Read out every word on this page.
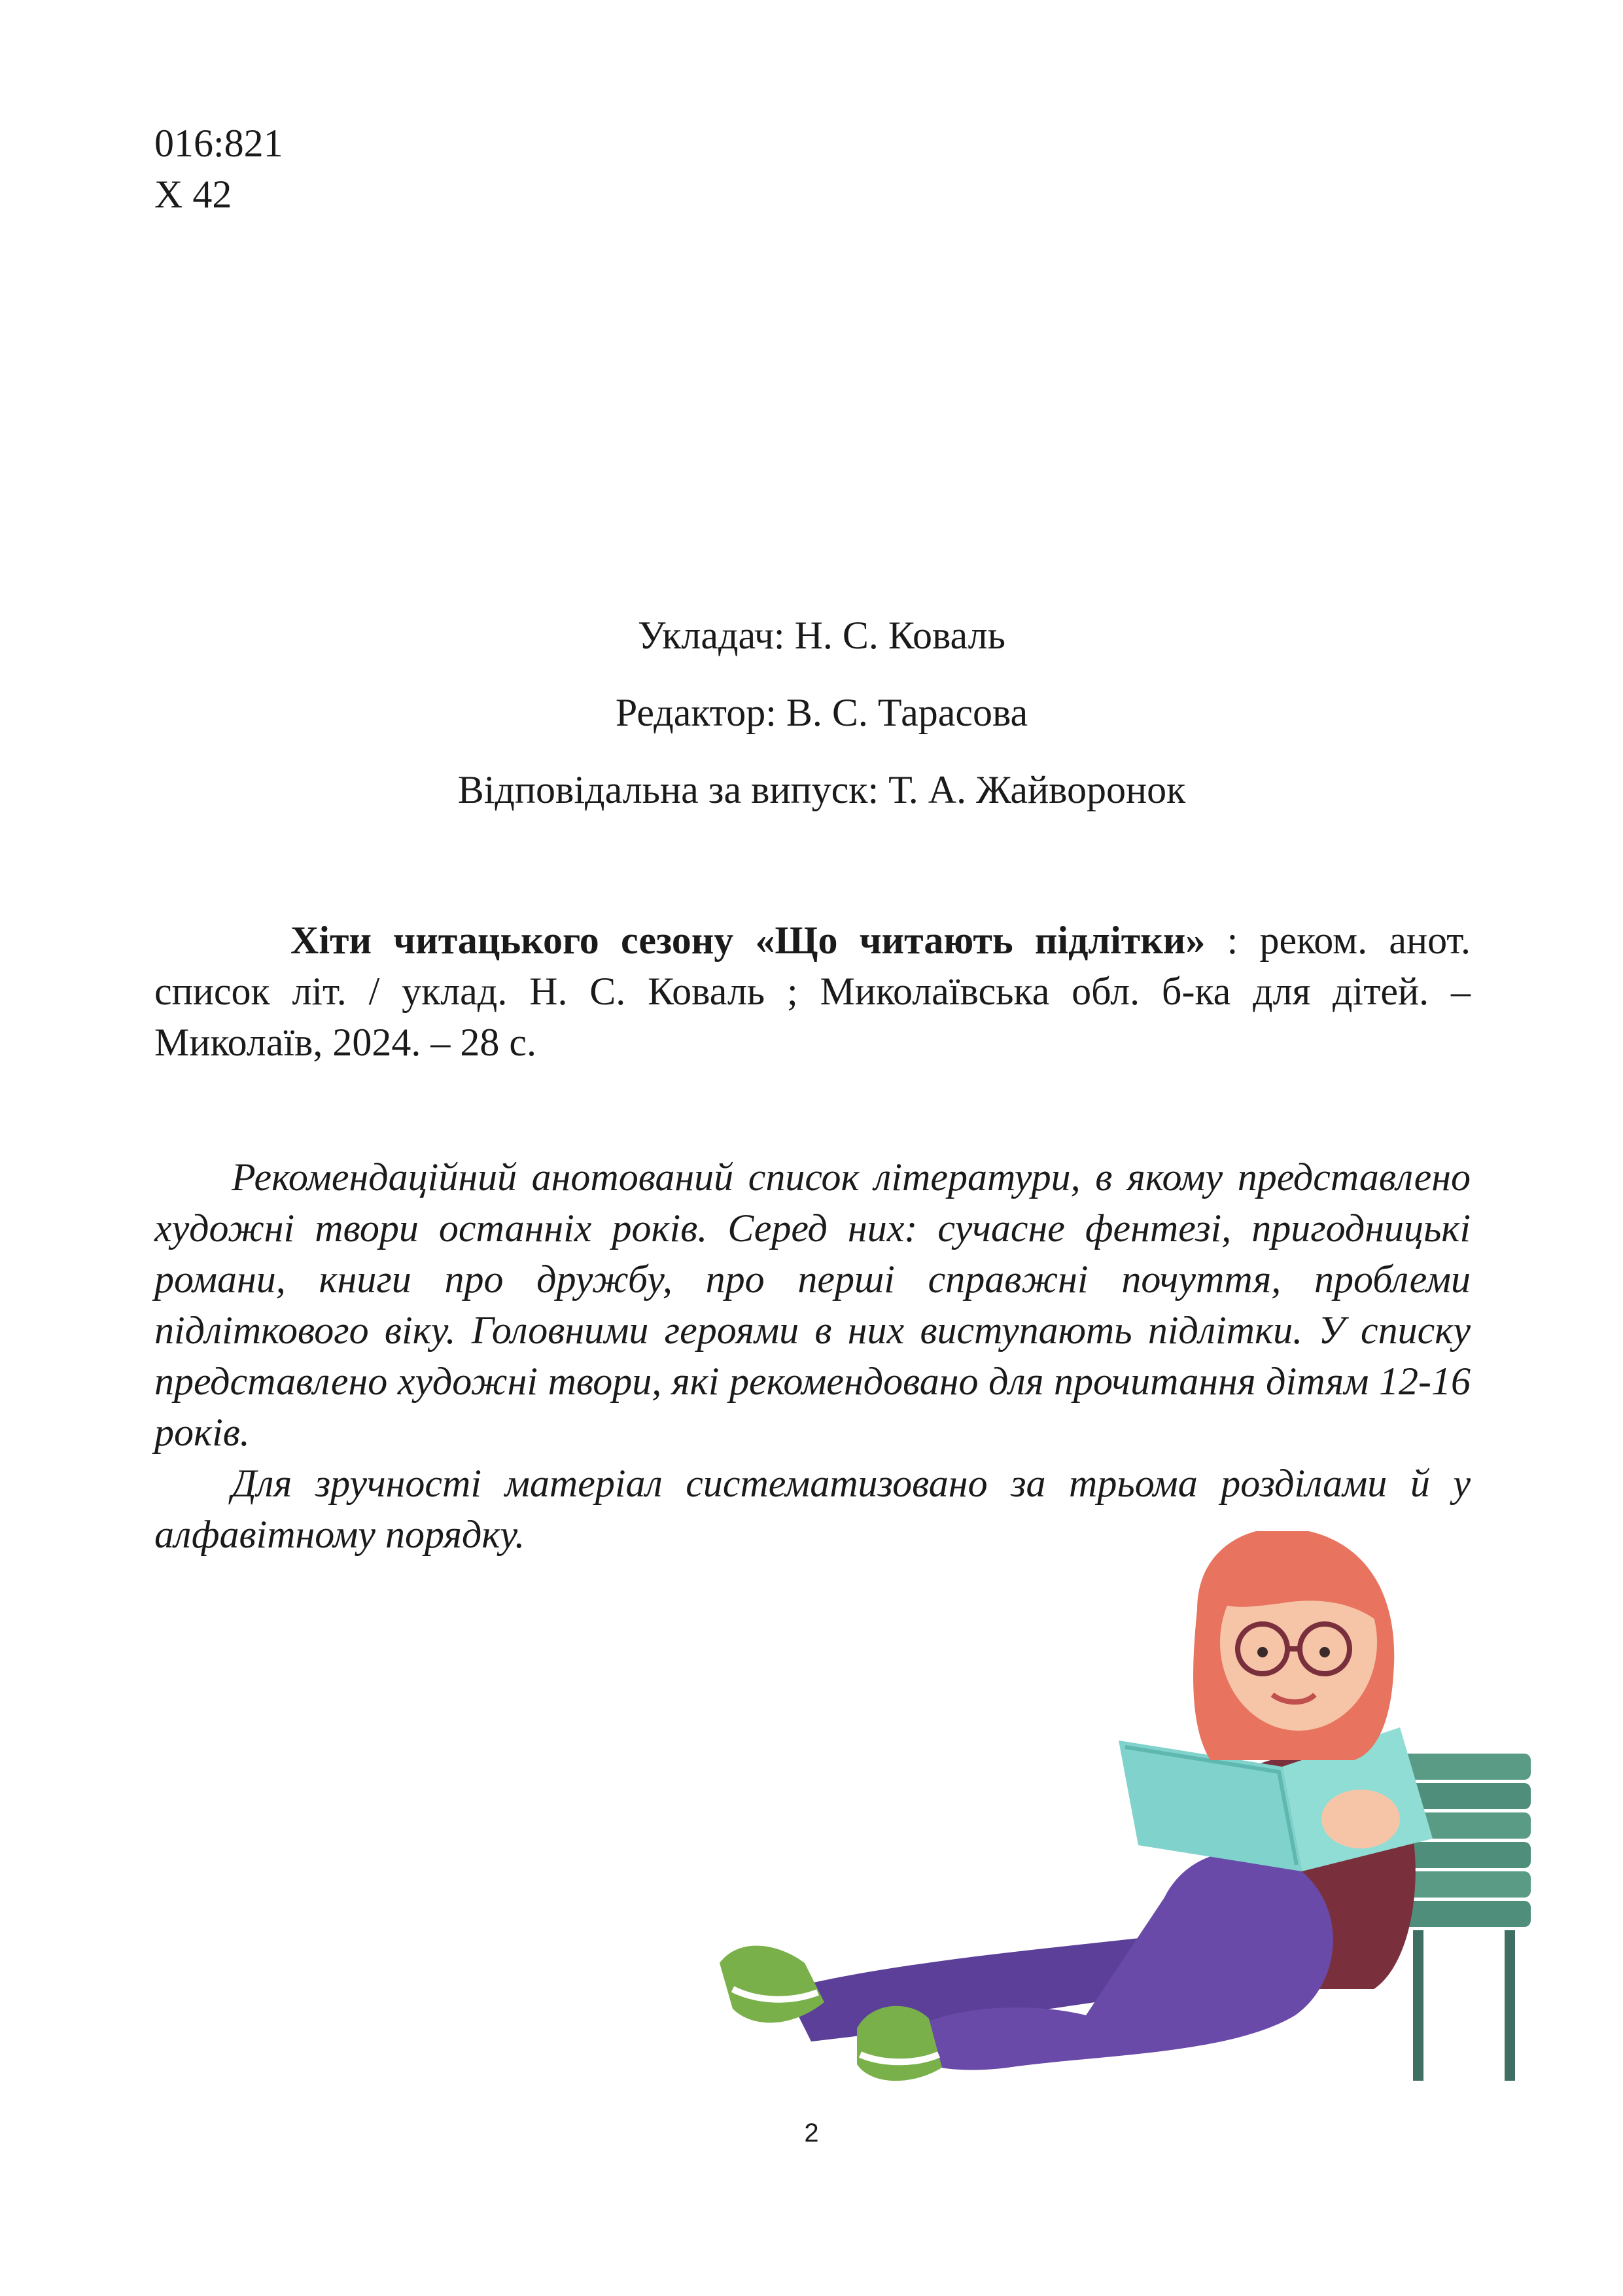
016:821
Х 42
Укладач: Н. С. Коваль
Редактор: В. С. Тарасова
Відповідальна за випуск: Т. А. Жайворонок
Хіти читацького сезону «Що читають підлітки» : реком. анот. список літ. / уклад. Н. С. Коваль ; Миколаївська обл. б-ка для дітей. – Миколаїв, 2024. – 28 с.

Рекомендаційний анотований список літератури, в якому представлено художні твори останніх років. Серед них: сучасне фентезі, пригодницькі романи, книги про дружбу, про перші справжні почуття, проблеми підліткового віку. Головними героями в них виступають підлітки. У списку представлено художні твори, які рекомендовано для прочитання дітям 12-16 років.

Для зручності матеріал систематизовано за трьома розділами й у алфавітному порядку.

2
